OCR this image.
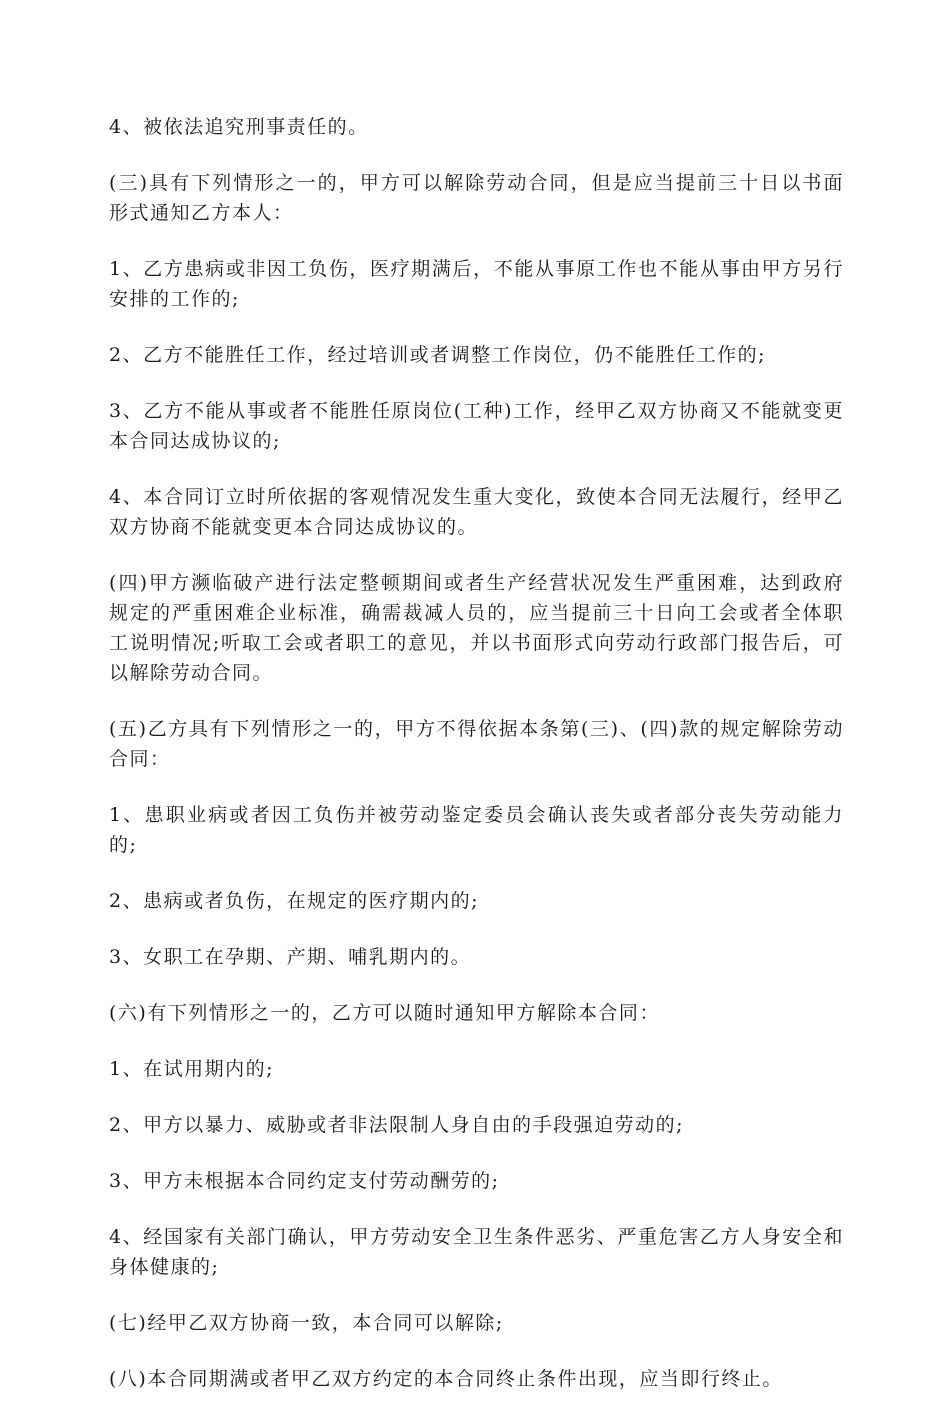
4、被依法追究刑事责任的。

(三)具有下列情形之一的，甲方可以解除劳动合同，但是应当提前三十日以书面形式通知乙方本人：

1、乙方患病或非因工负伤，医疗期满后，不能从事原工作也不能从事由甲方另行安排的工作的;

2、乙方不能胜任工作，经过培训或者调整工作岗位，仍不能胜任工作的;

3、乙方不能从事或者不能胜任原岗位(工种)工作，经甲乙双方协商又不能就变更本合同达成协议的;

4、本合同订立时所依据的客观情况发生重大变化，致使本合同无法履行，经甲乙双方协商不能就变更本合同达成协议的。

(四)甲方濒临破产进行法定整顿期间或者生产经营状况发生严重困难，达到政府规定的严重困难企业标准，确需裁减人员的，应当提前三十日向工会或者全体职工说明情况;听取工会或者职工的意见，并以书面形式向劳动行政部门报告后，可以解除劳动合同。

(五)乙方具有下列情形之一的，甲方不得依据本条第(三)、(四)款的规定解除劳动合同：

1、患职业病或者因工负伤并被劳动鉴定委员会确认丧失或者部分丧失劳动能力的;

2、患病或者负伤，在规定的医疗期内的;

3、女职工在孕期、产期、哺乳期内的。

(六)有下列情形之一的，乙方可以随时通知甲方解除本合同：

1、在试用期内的;

2、甲方以暴力、威胁或者非法限制人身自由的手段强迫劳动的;

3、甲方未根据本合同约定支付劳动酬劳的;

4、经国家有关部门确认，甲方劳动安全卫生条件恶劣、严重危害乙方人身安全和身体健康的;

(七)经甲乙双方协商一致，本合同可以解除;

(八)本合同期满或者甲乙双方约定的本合同终止条件出现，应当即行终止。
